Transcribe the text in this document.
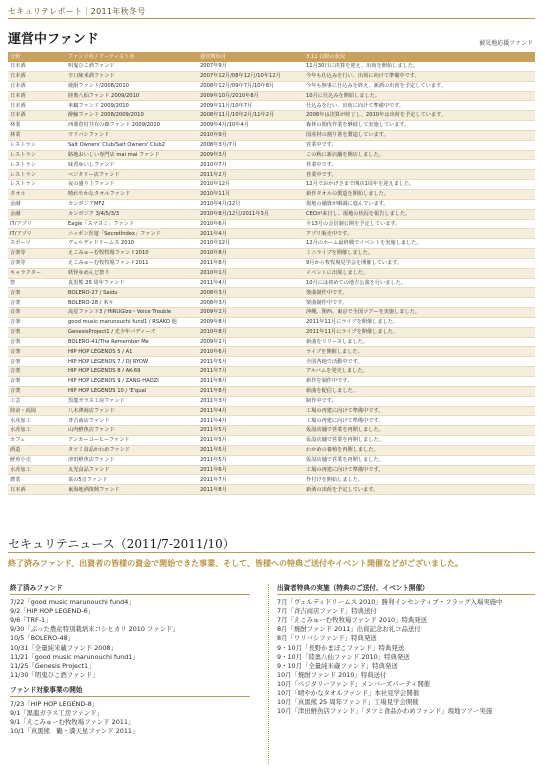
セキュリテレポート｜2011年秋冬号
運営中ファンド	被災地応援ファンド
分野	ファンド名 / アーティスト名	運営開始月	3.11 以降の状況
日本酒	明鬼ひこ酒ファンド	2007年9月	11月30日に決算を迎え、出荷を開始しました。
日本酒	辛口純米酒ファンド	2007年12月/08年12月/10年12月	今年も仕込みを行い、出荷に向けて準備中です。
日本酒	焼酎ファンド/2008/2010	2008年12月/09年7月/10年8月	今年も無事に仕込みを終え、新酒の出荷を予定しています。
日本酒	陸奥八仙ファンド 2009/2010	2009年10月/2010年8月	10月に仕込みを開始しました。
日本酒	米鶴ファンド 2009/2010	2009年11月/10年7月	仕込みを行い、出荷に向けて準備中です。
日本酒	酔鯨ファンド 2008/2009/2010	2008年11月/10年2月/11年2月	2008年は決算が終了し、2010年は出荷を予定しています。
林業	西粟倉村共有の森ファンド 2009/2010	2009年4月/10年4月	森林の間伐作業を継続して実施しています。
林業	ワリバシファンド	2010年9月	国産材の割り箸を製造しています。
レストラン	Salt Owners' Club/Salt Owners' Club2	2008年3月/7月	営業中です。
レストラン	路地おいしい専門店 mai mai ファンド	2009年3月	この秋に新店舗を開店しました。
レストラン	味香ゆいしファンド	2010年7月	営業中です。
レストラン	ベジタリー店ファンド	2011年2月	営業中です。
レストラン	夜の盛り上ファンド	2010年12月	12月でおかげさまで開店1周年を迎えました。
タオル	晴れやかなタオルファンド	2010年11月	新作タオルの製造を開始しました。
金融	カンボジアMF2	2010年4月/12月	現地の融資が順調に進んでいます。
金融	カンボジア 3/4/5/3/3	2010年8月/12月/2011年3月	CEOが来日し、現地の状況を報告しました。
IT/アプリ	Eagle「スマヨミ」ファンド	2010年6月	全13号の会員制公開を予定しています。
IT/アプリ	ニッポン医遊「SecretIndex」ファンド	2011年4月	アプリ販売中です。
スポーツ	ヴェルディドリームス 2010	2010年12月	12月のホーム最終戦でイベントを実施しました。
音楽等	えこみゅーむ牧牧場ファンド2010	2010年8月	ミニライブを開催しました。
音楽等	えこみゅーむ牧牧場ファンド2011	2011年8月	9月から牧牧場見学会を開催しています。
キャラクター	妖怪ゆめんど祭り	2010年1月	イベントに出展しました。
祭	真黒熊 25 周年ファンド	2011年4月	10月には初めての地方公演を行いました。
音楽	BOLERO-27 / Saidu	2008年3月	楽曲制作中です。
音楽	BOLERO-28 / 米々	2008年3月	楽曲制作中です。
音楽	流星ファンド3 / HIRUGIzo・Voice Trouble	2009年2月	沖縄、関西、東京で全国ツアーを実施しました。
音楽	good music marunouchi fund1 / RSAKO 他	2009年8月	2011年11月にライブを開催しました。
音楽	GenesisProject1 / 光少年バディーズ	2010年8月	2011年11月にライブを開催しました。
音楽	BOLERO-41/The Remember Me	2009年2月	新曲をリリースしました。
音楽	HIP HOP LEGENDS 5 / A1	2010年6月	ライブを開催しました。
音楽	HIP HOP LEGENDS 7 / DJ RYOW	2011年5月	全国各地で活動中です。
音楽	HIP HOP LEGENDS 8 / AK-69	2011年7月	アルバムを発売しました。
音楽	HIP HOP LEGENDS 9 / ZANG HAOZI	2011年8月	新作を制作中です。
音楽	HIP HOP LEGENDS 10 / 'E'qual	2011年8月	新曲を配信しました。
工芸	黒龍ガラス工房ファンド	2011年3月	制作中です。
陸前・福岡	八木澤商店ファンド	2011年4月	工場の再建に向けて準備中です。
水産加工	斉吉商店ファンド	2011年4月	工場の再建に向けて準備中です。
水産加工	山内鮮魚店ファンド	2011年5月	仮設店舗で営業を再開しました。
カフェ	アンカーコーヒーファンド	2011年5月	仮設店舗で営業を再開しました。
酒造	タツミ食品かわめファンド	2011年5月	わかめの養殖を再開しました。
鮮魚小売	津田鮮魚店ファンド	2011年5月	仮設店舗で営業を再開しました。
水産加工	丸光食品ファンド	2011年6月	工場の再建に向けて準備中です。
農業	菜の5音ファンド	2011年7月	作付けを開始しました。
日本酒	東海地酒復興ファンド	2011年8月	新酒の出荷を予定しています。
セキュリテニュース（2011/7-2011/10）
終了済みファンド、出資者の皆様の資金で開始できた事業、そして、皆様への特典ご送付やイベント開催などがございました。
終了済みファンド
7/22「good music marunouchi fund4」
9/2「HIP HOP LEGEND-6」
9/6「TRF-1」
9/30「ぶった農産特別栽培米コシヒカリ 2010 ファンド」
10/5「BOLERO-48」
10/31「全量純米蔵ファンド 2008」
11/21「good music marunouchi fund1」
11/25「Genesis Project1」
11/30「明鬼ひこ酒ファンド」
ファンド対象事業の開始
7/23「HIP HOP LEGEND-8」
9/1「黒龍ガラス工房ファンド」
9/1「えこみゅーむ牧牧場ファンド 2011」
10/1「真黒熊　鶴・満天星ファンド 2011」
出資者特典の実施（特典のご送付、イベント開催）
7月「ヴェルディドリームス 2010」勝利インセンティブ・フラッグ入場実施中
7月「斉吉商店ファンド」特典送付
7月「えこみゅーむ牧牧場ファンド 2010」特典発送
8月「焼酎ファンド 2011」出資記念お礼コ品送付
8月「ワリバシファンド」特典発送
9・10月「長野かまぼこファンド」特典発送
9・10月「陸奥八仙ファンド 2010」特典発送
9・10月「全量純米蔵ファンド」特典発送
10月「焼酎ファンド 2010」特典送付
10月「ベジタリーファンド」メンバーズパーティ開催
10月「晴やかなタオルファンド」本社見学会開催
10月「真黒熊 25 周年ファンド」工場見学会開催
10月「津田鮮魚店ファンド」「タツミ食品かわめファンド」現地ツアー実施
